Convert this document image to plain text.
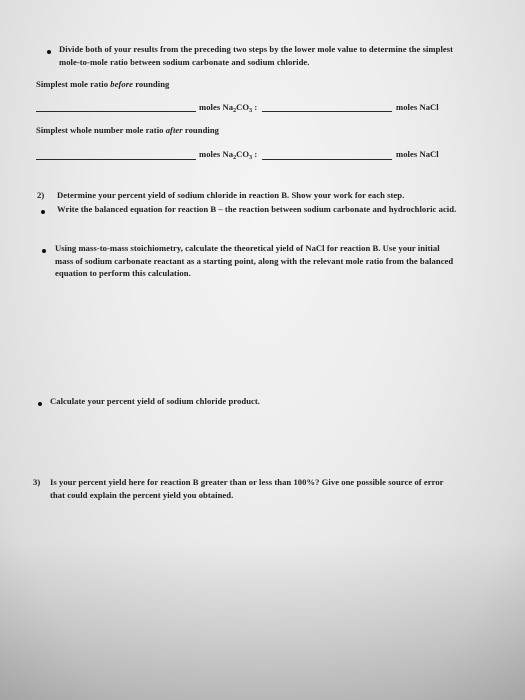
Divide both of your results from the preceding two steps by the lower mole value to determine the simplest
mole-to-mole ratio between sodium carbonate and sodium chloride.
Simplest mole ratio before rounding
moles $Na_2CO_3$ :	moles NaCl
Simplest whole number mole ratio after rounding
moles $Na_2CO_3$ :	moles NaCl
2) Determine your percent yield of sodium chloride in reaction B. Show your work for each step.
Write the balanced equation for reaction B – the reaction between sodium carbonate and hydrochloric acid.
Using mass-to-mass stoichiometry, calculate the theoretical yield of NaCl for reaction B. Use your initial
mass of sodium carbonate reactant as a starting point, along with the relevant mole ratio from the balanced
equation to perform this calculation.
Calculate your percent yield of sodium chloride product.
3) Is your percent yield here for reaction B greater than or less than 100%? Give one possible source of error
that could explain the percent yield you obtained.
